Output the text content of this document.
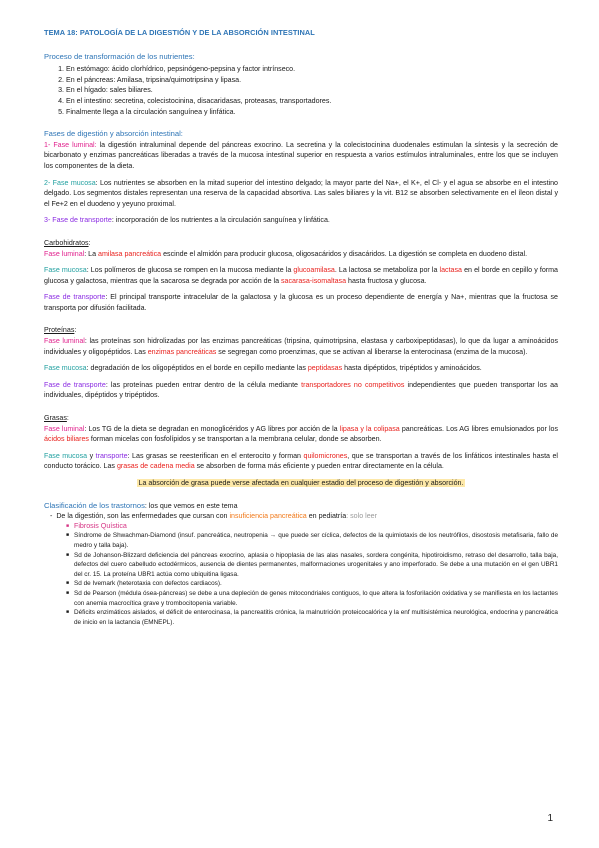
TEMA 18: PATOLOGÍA DE LA DIGESTIÓN Y DE LA ABSORCIÓN INTESTINAL
Proceso de transformación de los nutrientes:
1. En estómago: ácido clorhídrico, pepsinógeno-pepsina y factor intrínseco.
2. En el páncreas: Amilasa, tripsina/quimotripsina y lipasa.
3. En el hígado: sales biliares.
4. En el intestino: secretina, colecistocinina, disacaridasas, proteasas, transportadores.
5. Finalmente llega a la circulación sanguínea y linfática.
Fases de digestión y absorción intestinal:
1- Fase luminal: la digestión intraluminal depende del páncreas exocrino. La secretina y la colecistocinina duodenales estimulan la síntesis y la secreción de bicarbonato y enzimas pancreáticas liberadas a través de la mucosa intestinal superior en respuesta a varios estímulos intraluminales, entre los que se incluyen los componentes de la dieta.
2- Fase mucosa: Los nutrientes se absorben en la mitad superior del intestino delgado; la mayor parte del Na+, el K+, el Cl- y el agua se absorbe en el intestino delgado. Los segmentos distales representan una reserva de la capacidad absortiva. Las sales biliares y la vit. B12 se absorben selectivamente en el íleon distal y el Fe+2 en el duodeno y yeyuno proximal.
3- Fase de transporte: incorporación de los nutrientes a la circulación sanguínea y linfática.
Carbohidratos:
Fase luminal: La amilasa pancreática escinde el almidón para producir glucosa, oligosacáridos y disacáridos. La digestión se completa en duodeno distal.
Fase mucosa: Los polímeros de glucosa se rompen en la mucosa mediante la glucoamilasa. La lactosa se metaboliza por la lactasa en el borde en cepillo y forma glucosa y galactosa, mientras que la sacarosa se degrada por acción de la sacarasa-isomaltasa hasta fructosa y glucosa.
Fase de transporte: El principal transporte intracelular de la galactosa y la glucosa es un proceso dependiente de energía y Na+, mientras que la fructosa se transporta por difusión facilitada.
Proteínas:
Fase luminal: las proteínas son hidrolizadas por las enzimas pancreáticas (tripsina, quimotripsina, elastasa y carboxipeptidasas), lo que da lugar a aminoácidos individuales y oligopéptidos. Las enzimas pancreáticas se segregan como proenzimas, que se activan al liberarse la enterocinasa (enzima de la mucosa).
Fase mucosa: degradación de los oligopéptidos en el borde en cepillo mediante las peptidasas hasta dipéptidos, tripéptidos y aminoácidos.
Fase de transporte: las proteínas pueden entrar dentro de la célula mediante transportadores no competitivos independientes que pueden transportar los aa individuales, dipéptidos y tripéptidos.
Grasas:
Fase luminal: Los TG de la dieta se degradan en monoglicéridos y AG libres por acción de la lipasa y la colipasa pancreáticas. Los AG libres emulsionados por los ácidos biliares forman micelas con fosfolípidos y se transportan a la membrana celular, donde se absorben.
Fase mucosa y transporte: Las grasas se reesterifican en el enterocito y forman quilomicrones, que se transportan a través de los linfáticos intestinales hasta el conducto torácico. Las grasas de cadena media se absorben de forma más eficiente y pueden entrar directamente en la célula.
La absorción de grasa puede verse afectada en cualquier estadio del proceso de digestión y absorción.
Clasificación de los trastornos: los que vemos en este tema
-  De la digestión, son las enfermedades que cursan con insuficiencia pancreática en pediatría: solo leer
■ Fibrosis Quística
■ Síndrome de Shwachman-Diamond (insuf. pancreática, neutropenia → que puede ser cíclica, defectos de la quimiotaxis de los neutrófilos, disostosis metafisaria, fallo de medro y talla baja).
■ Sd de Johanson-Blizzard deficiencia del páncreas exocrino, aplasia o hipoplasia de las alas nasales, sordera congénita, hipotiroidismo, retraso del desarrollo, talla baja, defectos del cuero cabelludo ectodérmicos, ausencia de dientes permanentes, malformaciones urogenitales y ano imperforado. Se debe a una mutación en el gen UBR1 del cr. 15. La proteína UBR1 actúa como ubiquitina ligasa.
■ Sd de Ivemark (heterotaxia con defectos cardiacos).
■ Sd de Pearson (médula ósea-páncreas) se debe a una depleción de genes mitocondriales contiguos, lo que altera la fosforilación oxidativa y se manifiesta en los lactantes con anemia macrocítica grave y trombocitopenia variable.
■ Déficits enzimáticos aislados, el déficit de enterocinasa, la pancreatitis crónica, la malnutrición proteicocalórica y la enf multisistémica neurológica, endocrina y pancreática de inicio en la lactancia (EMNEPL).
1
